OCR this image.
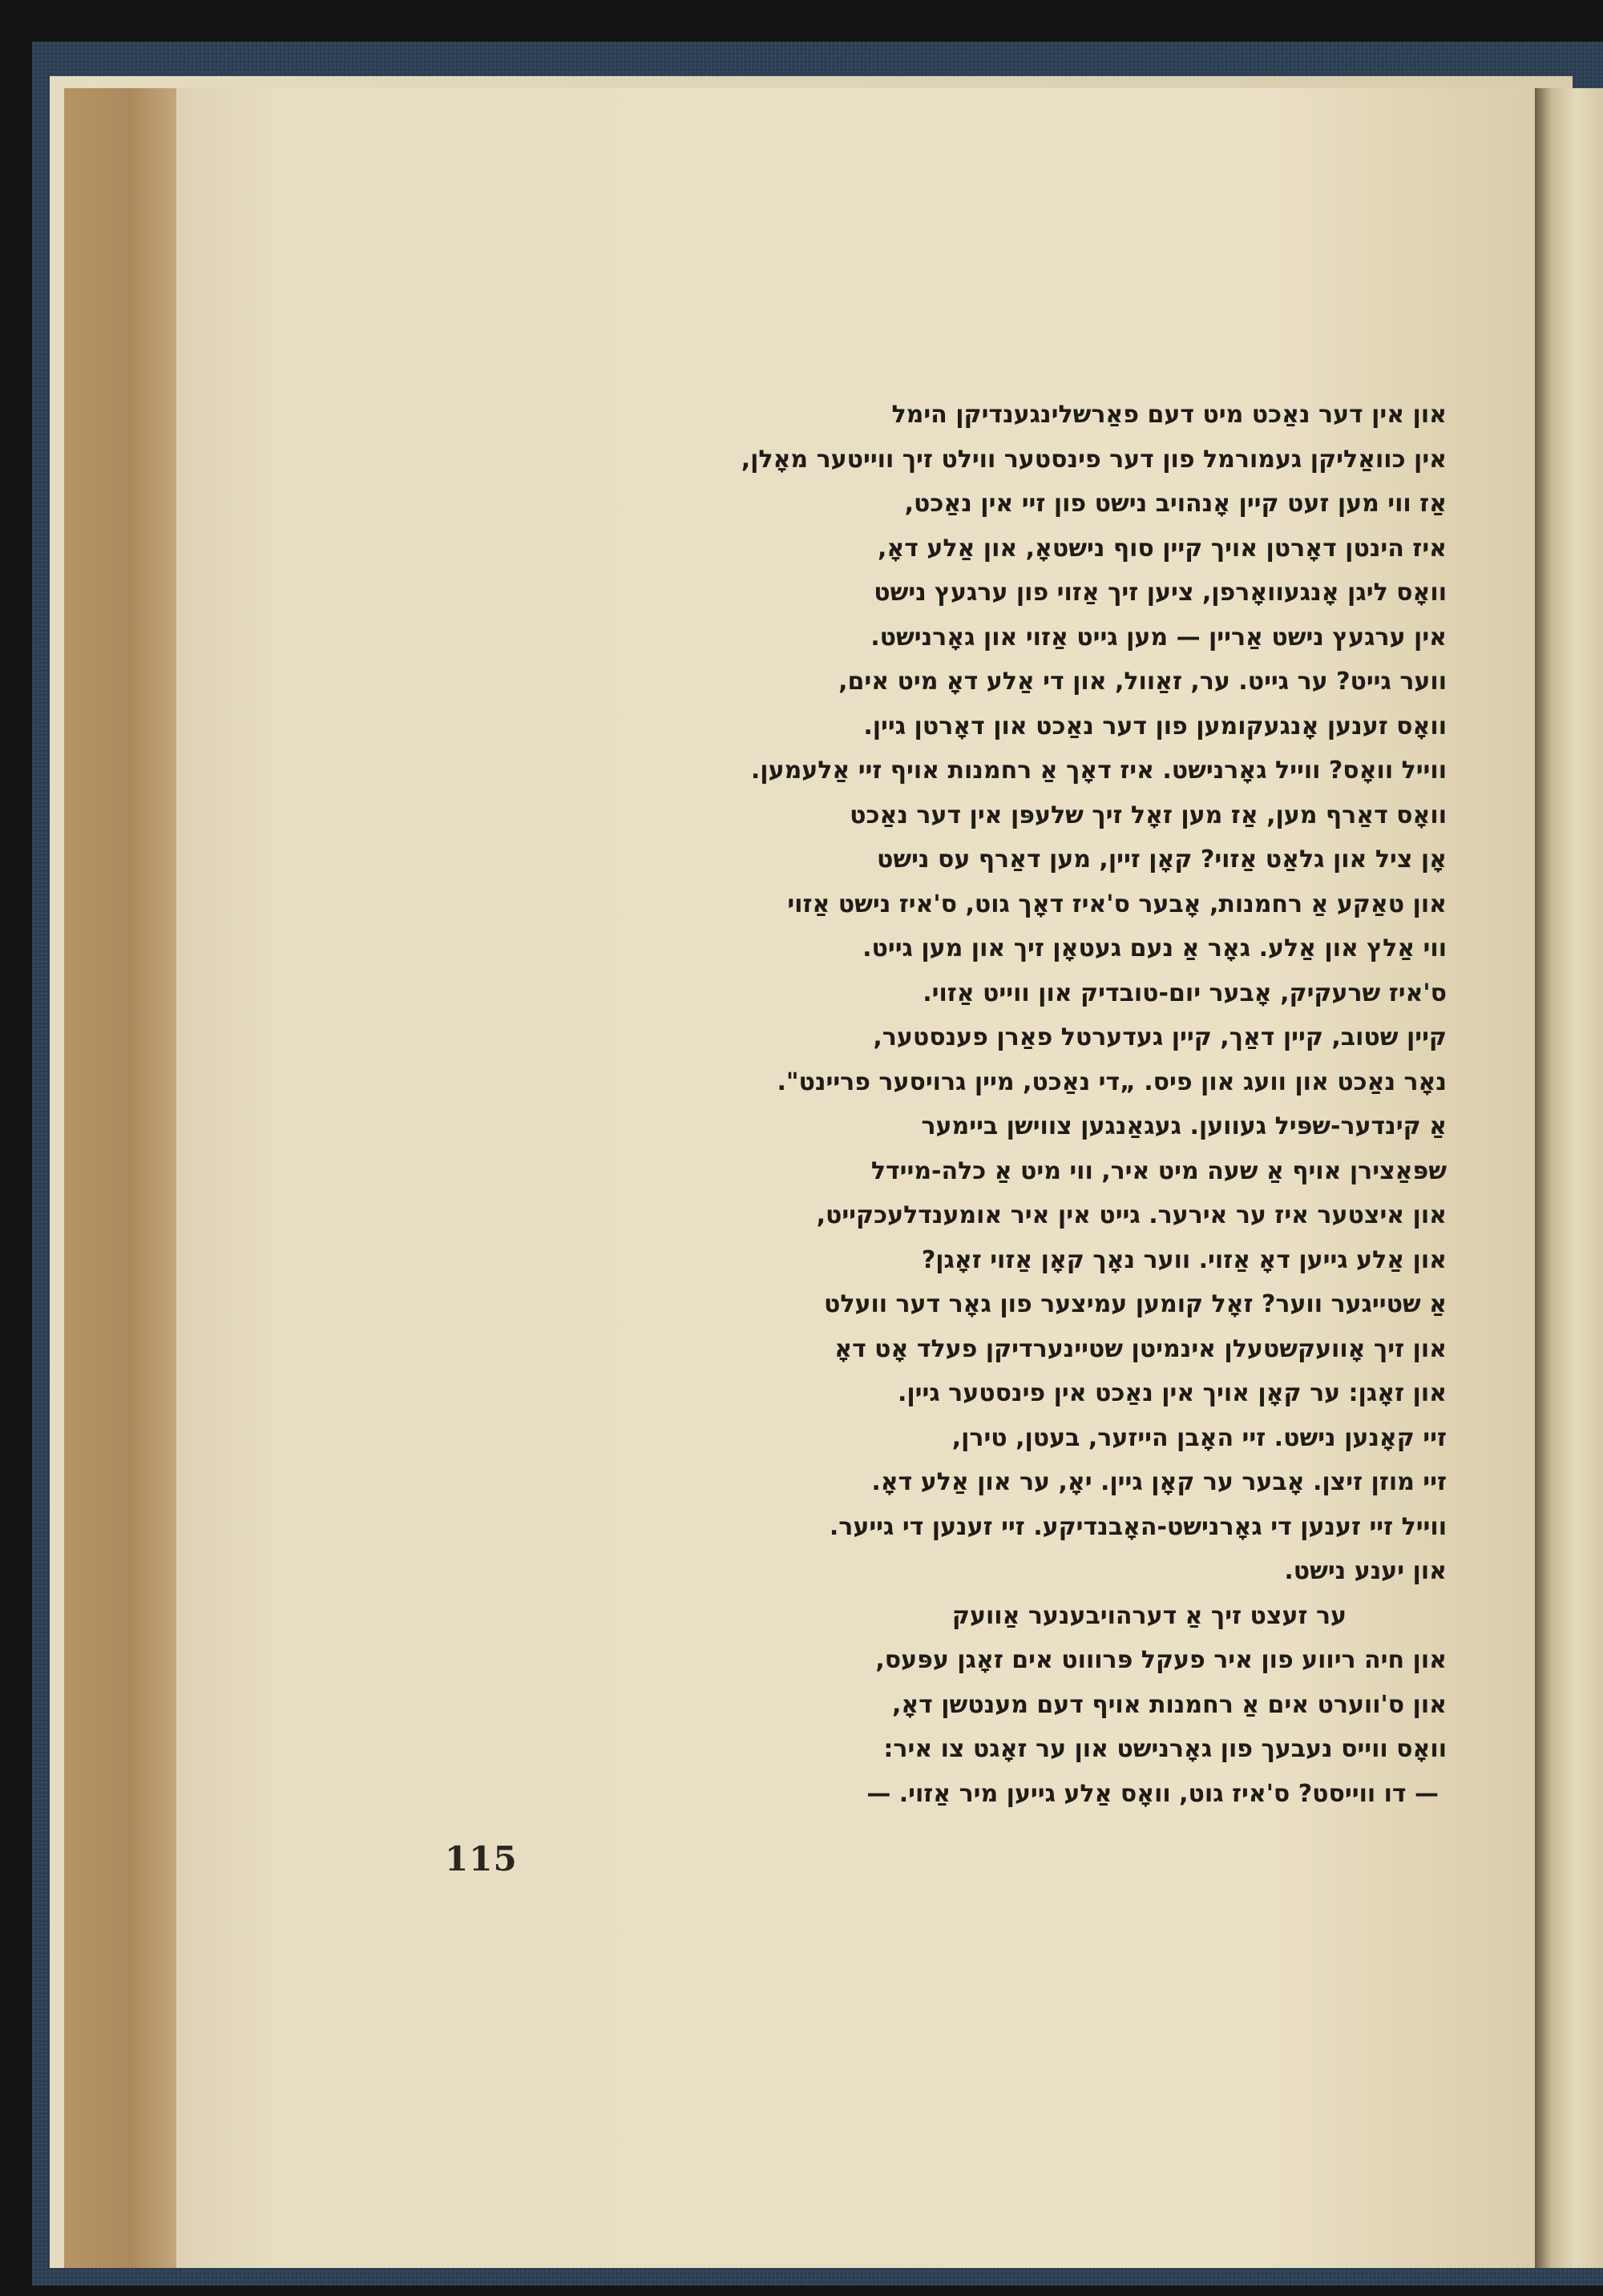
און אין דער נאַכט מיט דעם פאַרשלינגענדיקן הימל
אין כוואַליקן געמורמל פון דער פינסטער ווילט זיך ווייטער מאָלן,
אַז ווי מען זעט קיין אָנהויב נישט פון זיי אין נאַכט,
איז הינטן דאָרטן אויך קיין סוף נישטאָ, און אַלע דאָ,
וואָס ליגן אָנגעוואָרפן, ציען זיך אַזוי פון ערגעץ נישט
אין ערגעץ נישט אַריין — מען גייט אַזוי און גאָרנישט.
ווער גייט? ער גייט. ער, זאַוול, און די אַלע דאָ מיט אים,
וואָס זענען אָנגעקומען פון דער נאַכט און דאָרטן גיין.
ווייל וואָס? ווייל גאָרנישט. איז דאָך אַ רחמנות אויף זיי אַלעמען.
וואָס דאַרף מען, אַז מען זאָל זיך שלעפּן אין דער נאַכט
אָן ציל און גלאַט אַזוי? קאָן זיין, מען דאַרף עס נישט
און טאַקע אַ רחמנות, אָבער ס'איז דאָך גוט, ס'איז נישט אַזוי
ווי אַלץ און אַלע. גאָר אַ נעם געטאָן זיך און מען גייט.
ס'איז שרעקיק, אָבער יום-טובדיק און ווייט אַזוי.
קיין שטוב, קיין דאַך, קיין געדערטל פאַרן פענסטער,
נאָר נאַכט און וועג און פיס. „די נאַכט, מיין גרויסער פריינט".
אַ קינדער-שפּיל געווען. געגאַנגען צווישן ביימער
שפּאַצירן אויף אַ שעה מיט איר, ווי מיט אַ כלה-מיידל
און איצטער איז ער אירער. גייט אין איר אומענדלעכקייט,
און אַלע גייען דאָ אַזוי. ווער נאָך קאָן אַזוי זאָגן?
אַ שטייגער ווער? זאָל קומען עמיצער פון גאָר דער וועלט
און זיך אָוועקשטעלן אינמיטן שטיינערדיקן פעלד אָט דאָ
און זאָגן: ער קאָן אויך אין נאַכט אין פינסטער גיין.
זיי קאָנען נישט. זיי האָבן הייזער, בעטן, טירן,
זיי מוזן זיצן. אָבער ער קאָן גיין. יאָ, ער און אַלע דאָ.
ווייל זיי זענען די גאָרנישט-האָבנדיקע. זיי זענען די גייער.
און יענע נישט.
ער זעצט זיך אַ דערהויבענער אַוועק
און חיה ריווע פון איר פעקל פּרוווט אים זאָגן עפּעס,
און ס'ווערט אים אַ רחמנות אויף דעם מענטשן דאָ,
וואָס ווייס נעבעך פון גאָרנישט און ער זאָגט צו איר:
— דו ווייסט? ס'איז גוט, וואָס אַלע גייען מיר אַזוי. —
115
